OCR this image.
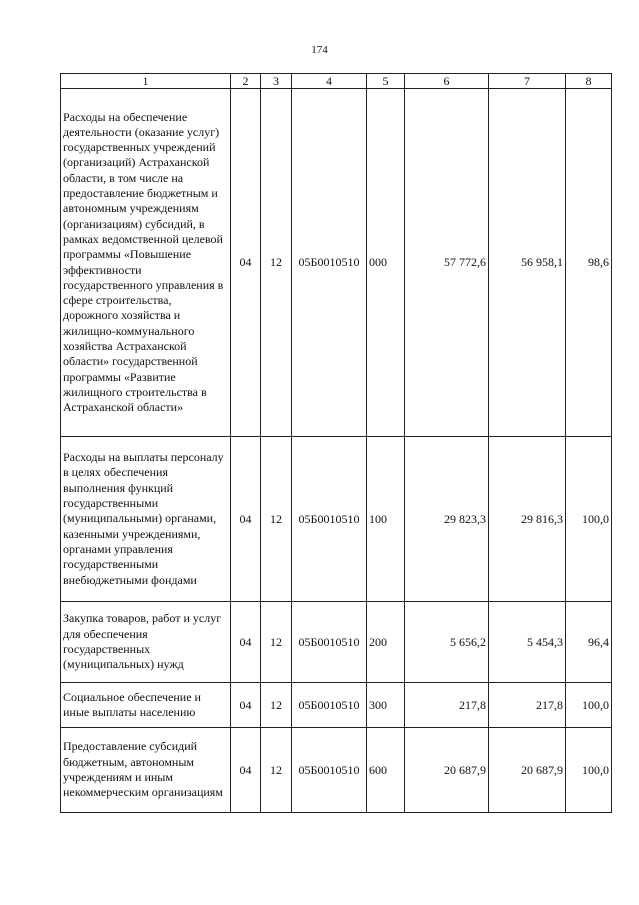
174
1	2	3	4	5	6	7	8
Расходы на обеспечение деятельности (оказание услуг) государственных учреждений (организаций) Астраханской области, в том числе на предоставление бюджетным и автономным учреждениям (организациям) субсидий, в рамках ведомственной целевой программы «Повышение эффективности государственного управления в сфере строительства, дорожного хозяйства и жилищно-коммунального хозяйства Астраханской области» государственной программы «Развитие жилищного строительства в Астраханской области»	04	12	05Б0010510	000	57 772,6	56 958,1	98,6
Расходы на выплаты персоналу в целях обеспечения выполнения функций государственными (муниципальными) органами, казенными учреждениями, органами управления государственными внебюджетными фондами	04	12	05Б0010510	100	29 823,3	29 816,3	100,0
Закупка товаров, работ и услуг для обеспечения государственных (муниципальных) нужд	04	12	05Б0010510	200	5 656,2	5 454,3	96,4
Социальное обеспечение и иные выплаты населению	04	12	05Б0010510	300	217,8	217,8	100,0
Предоставление субсидий бюджетным, автономным учреждениям и иным некоммерческим организациям	04	12	05Б0010510	600	20 687,9	20 687,9	100,0
